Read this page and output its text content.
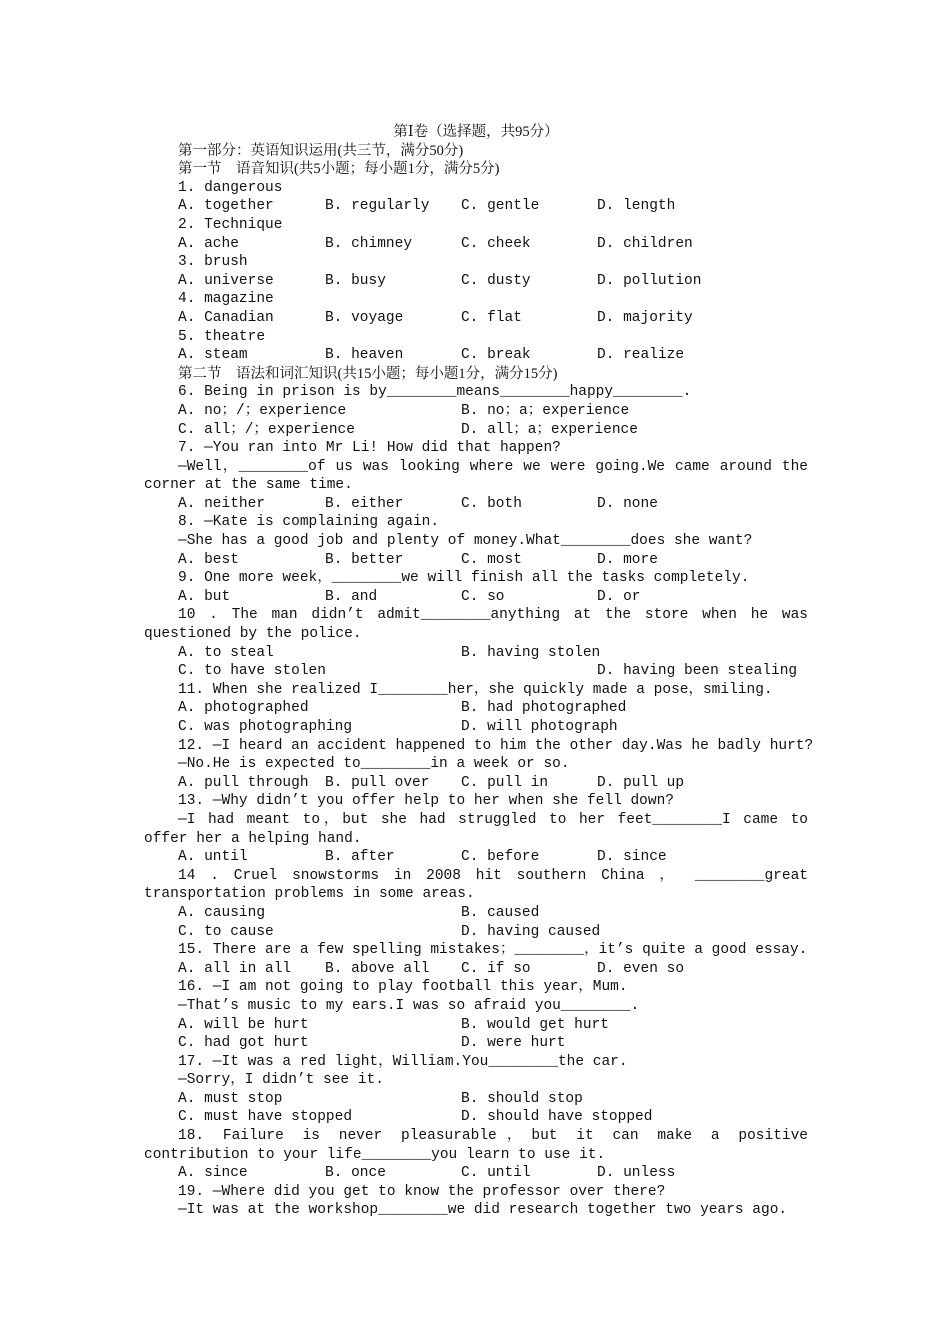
第Ⅰ卷（选择题，共95分）
第一部分：英语知识运用(共三节，满分50分)
第一节　语音知识(共5小题；每小题1分，满分5分)
1. dangerous
A. together	B. regularly	C. gentle	D. length
2. Technique
A. ache	B. chimney	C. cheek	D. children
3. brush
A. universe	B. busy	C. dusty	D. pollution
4. magazine
A. Canadian	B. voyage	C. flat	D. majority
5. theatre
A. steam	B. heaven	C. break	D. realize
第二节　语法和词汇知识(共15小题；每小题1分，满分15分)
6. Being in prison is by________means________happy________.
A. no；/；experience	B. no；a；experience
C. all；/；experience	D. all；a；experience
7. —You ran into Mr Li! How did that happen?
—Well，________of us was looking where we were going.We came around the corner at the same time.
A. neither	B. either	C. both	D. none
8. —Kate is complaining again.
—She has a good job and plenty of money.What________does she want?
A. best	B. better	C. most	D. more
9. One more week，________we will finish all the tasks completely.
A. but	B. and	C. so	D. or
10 . The man didn’t admit________anything at the store when he was questioned by the police.
A. to steal	B. having stolen
C. to have stolen	D. having been stealing
11. When she realized I________her，she quickly made a pose，smiling.
A. photographed	B. had photographed
C. was photographing	D. will photograph
12. —I heard an accident happened to him the other day.Was he badly hurt?
—No.He is expected to________in a week or so.
A. pull through	B. pull over	C. pull in	D. pull up
13. —Why didn’t you offer help to her when she fell down?
—I had meant to，but she had struggled to her feet________I came to offer her a helping hand.
A. until	B. after	C. before	D. since
14 . Cruel snowstorms in 2008 hit southern China ， ________great transportation problems in some areas.
A. causing	B. caused
C. to cause	D. having caused
15. There are a few spelling mistakes；________，it’s quite a good essay.
A. all in all	B. above all	C. if so	D. even so
16. —I am not going to play football this year，Mum.
—That’s music to my ears.I was so afraid you________.
A. will be hurt	B. would get hurt
C. had got hurt	D. were hurt
17. —It was a red light，William.You________the car.
—Sorry，I didn’t see it.
A. must stop	B. should stop
C. must have stopped	D. should have stopped
18. Failure is never pleasurable，but it can make a positive contribution to your life________you learn to use it.
A. since	B. once	C. until	D. unless
19. —Where did you get to know the professor over there?
—It was at the workshop________we did research together two years ago.
